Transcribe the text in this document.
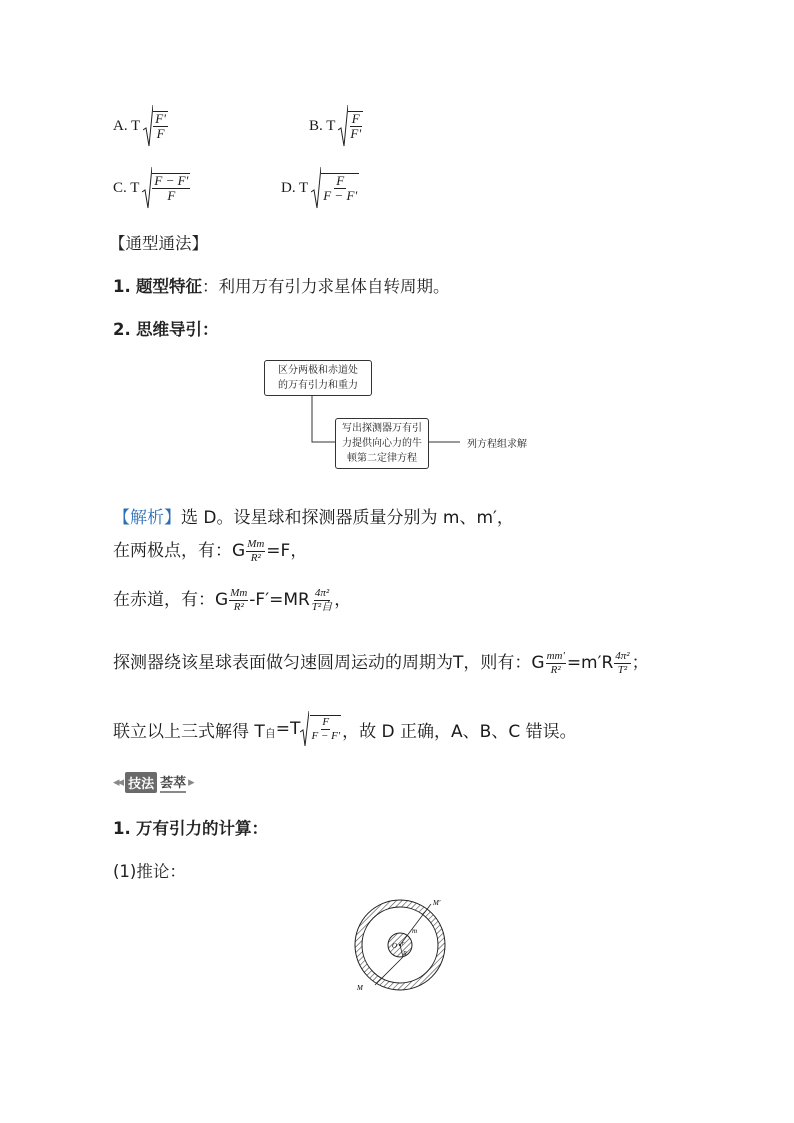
A. T $\frac{F'}{F}$	B. T $\frac{F}{F'}$
C. T $\frac{F - F'}{F}$	D. T $\frac{F}{F - F'}$
【通型通法】
1. 题型特征：利用万有引力求星体自转周期。
2. 思维导引：
区分两极和赤道处
的万有引力和重力
写出探测器万有引
力提供向心力的牛
顿第二定律方程
列方程组求解
【解析】选 D。设星球和探测器质量分别为 m、m′，
在两极点，有：G $\frac{Mm}{\text{R²}} =F$，
在赤道，有：G $\frac{Mm}{\text{R²}} -F'=MR$ 4π²
T²自 ，
探测器绕该星球表面做匀速圆周运动的周期为T，则有：G $\frac{mm'}{\text{R²}} =m'R \frac{\text{4π²}}{\text{T²}}$ ；
联立以上三式解得 T 自 =T F
F − F' ，故 D 正确，A、B、C 错误。
◂◂ 技法 荟萃 ▸
1. 万有引力的计算：
(1)推论：
M'
m
O r
R
M
